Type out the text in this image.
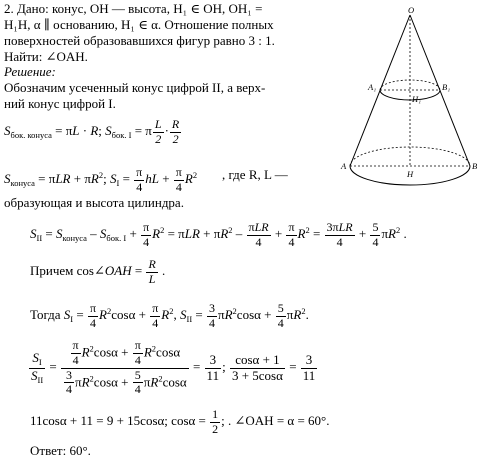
O
A₁	B₁
H₁
A
H
B
2. Дано: конус, OH — высота, H₁ ∈ OH, OH₁ =
H₁H, α ∥ основанию, H₁ ∈ α. Отношение полных
поверхностей образовавшихся фигур равно 3 : 1.
Найти: ∠OAH.
Решение:
Обозначим усеченный конус цифрой II, а верх-
ний конус цифрой I.
$S_{бок. конуса} = \pi L \cdot R$; $S_{бок. I} = \pi \frac{L}{2} \cdot \frac{R}{2}$
$S_{конуса} = \pi LR + \pi R^2$; $S_I = \frac{\pi}{4}$ hL + $\frac{\pi}{4} R^2$ , где R, L —
образующая и высота цилиндра.
$S_{II} = S_{конуса} - S_{бок. I} + \frac{\pi}{4} R^2 = \pi LR + \pi R^2 - \frac{\text{πLR}}{4} + \frac{\pi}{4} R^2 = \frac{\text{3πLR}}{4} + \frac{5}{4} \pi R^2$ .
Причем cos∠OAH = $\frac{R}{L}$ .
Тогда $S_I = \frac{\pi}{4} R^2\cos\alpha + \frac{\pi}{4} R^2$, $S_{II} = \frac{3}{4} \pi R^2\cos\alpha + \frac{5}{4} \pi R^2$.
$\frac{S_I}{S_{II}} = \frac{\frac{\pi}{4} R^2\cos\alpha + \frac{\pi}{4} R^2\cos\alpha}{\frac{3}{4} \pi R^2\cos\alpha + \frac{5}{4} \pi R^2\cos\alpha} = \frac{3}{11}$ ; $\frac{\cos\alpha + 1}{3 + 5\cos\alpha} = \frac{3}{11}$
11cosα + 11 = 9 + 15cosα; $\cos\alpha = \frac{1}{2}$ ; . ∠OAH = α = 60°.
Ответ: 60°.
